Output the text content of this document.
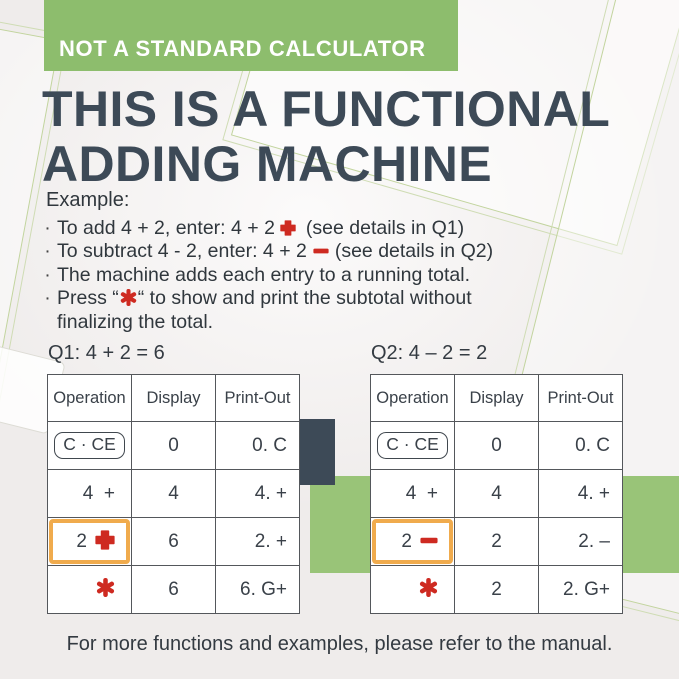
NOT A STANDARD CALCULATOR
THIS IS A FUNCTIONAL
ADDING MACHINE
Example:
· To add 4 + 2, enter: 4 + 2 (see details in Q1)
· To subtract 4 - 2, enter: 4 + 2 (see details in Q2)
· The machine adds each entry to a running total.
· Press “ “ to show and print the subtotal without finalizing the total.
Q1: 4 + 2 = 6
Operation	Display	Print-Out
C · CE	0	0. C
4  +	4	4. +

2	6	2. +
	6	6. G+
Q2: 4 – 2 = 2
Operation	Display	Print-Out
C · CE	0	0. C
4  +	4	4. +

2	2	2. –
	2	2. G+
For more functions and examples, please refer to the manual.
